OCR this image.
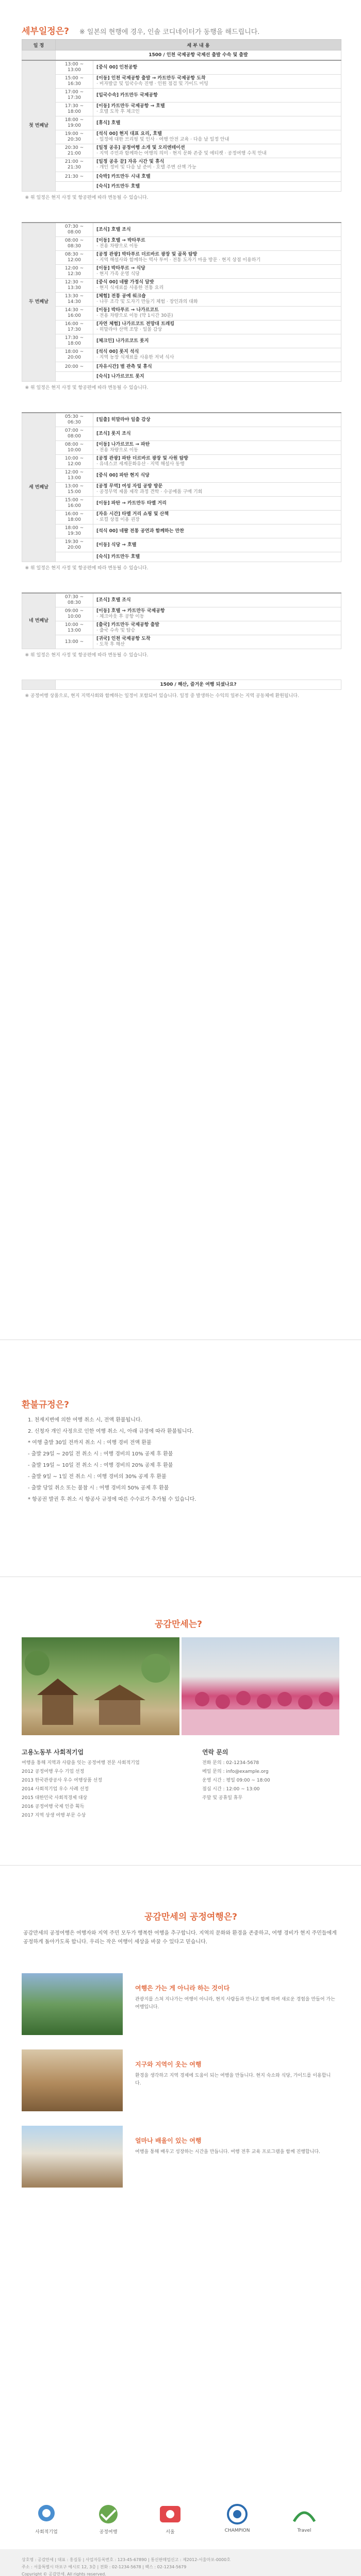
세부일정은? ※ 일본의 현행에 경우, 인솔 코디네이터가 동행을 해드립니다.
일 정	세 부 내 용	
	1500 / 인천 국제공항 국제선 출발 수속 및 출발	
첫 번째날	13:00 ~ 13:00	[중식 00] 인천공항

	15:00 ~ 16:30	[이동] 인천 국제공항 출발 → 카트만두 국제공항 도착
· 비자발급 및 입국수속 진행 · 인원 점검 및 가이드 미팅

	17:00 ~ 17:30	[입국수속] 카트만두 국제공항

	17:30 ~ 18:00	[이동] 카트만두 국제공항 → 호텔
· 호텔 도착 후 체크인

	18:00 ~ 19:00	[휴식] 호텔

	19:00 ~ 20:30	[석식 00] 현지 대표 요리, 호텔
· 일정에 대한 브리핑 및 인사 · 여행 안전 교육 · 다음 날 일정 안내

	20:30 ~ 21:00	[일정 공유] 공정여행 소개 및 오리엔테이션
· 지역 주민과 함께하는 여행의 의미 · 현지 문화 존중 및 에티켓 · 공정여행 수칙 안내

	21:00 ~ 21:30	[일정 공유 끝] 자유 시간 및 휴식
· 개인 정비 및 다음 날 준비 · 호텔 주변 산책 가능

	21:30 ~	[숙박] 카트만두 시내 호텔

		[숙식] 카트만두 호텔

※ 위 일정은 현지 사정 및 항공편에 따라 변동될 수 있습니다.		

두 번째날	07:30 ~ 08:00	[조식] 호텔 조식

	08:00 ~ 08:30	[이동] 호텔 → 박타푸르
· 전용 차량으로 이동

	08:30 ~ 12:00	[공정 관광] 박타푸르 더르바르 광장 및 골목 탐방
· 지역 해설사와 함께하는 역사 투어 · 전통 도자기 마을 방문 · 현지 상점 이용하기

	12:00 ~ 12:30	[이동] 박타푸르 → 식당
· 현지 가족 운영 식당

	12:30 ~ 13:30	[중식 00] 네팔 가정식 달밧
· 현지 식재료를 사용한 전통 요리

	13:30 ~ 14:30	[체험] 전통 공예 워크숍
· 나무 조각 및 도자기 만들기 체험 · 장인과의 대화

	14:30 ~ 16:00	[이동] 박타푸르 → 나가르코트
· 전용 차량으로 이동 (약 1시간 30분)

	16:00 ~ 17:30	[자연 체험] 나가르코트 전망대 트레킹
· 히말라야 산맥 조망 · 일몰 감상

	17:30 ~ 18:00	[체크인] 나가르코트 롯지

	18:00 ~ 20:00	[석식 00] 롯지 석식
· 지역 농장 식재료를 사용한 저녁 식사

	20:00 ~	[자유시간] 별 관측 및 휴식

		[숙식] 나가르코트 롯지

※ 위 일정은 현지 사정 및 항공편에 따라 변동될 수 있습니다.		

세 번째날	05:30 ~ 06:30	[일출] 히말라야 일출 감상

	07:00 ~ 08:00	[조식] 롯지 조식

	08:00 ~ 10:00	[이동] 나가르코트 → 파탄
· 전용 차량으로 이동

	10:00 ~ 12:00	[공정 관광] 파탄 더르바르 광장 및 사원 탐방
· 유네스코 세계문화유산 · 지역 해설사 동행

	12:00 ~ 13:00	[중식 00] 파탄 현지 식당

	13:00 ~ 15:00	[공정 무역] 여성 자립 공방 방문
· 공정무역 제품 제작 과정 견학 · 수공예품 구매 기회

	15:00 ~ 16:00	[이동] 파탄 → 카트만두 타멜 거리

	16:00 ~ 18:00	[자유 시간] 타멜 거리 쇼핑 및 산책
· 로컬 상점 이용 권장

	18:00 ~ 19:30	[석식 00] 네팔 전통 공연과 함께하는 만찬

	19:30 ~ 20:00	[이동] 식당 → 호텔

		[숙식] 카트만두 호텔

※ 위 일정은 현지 사정 및 항공편에 따라 변동될 수 있습니다.		

네 번째날	07:30 ~ 08:30	[조식] 호텔 조식

	09:00 ~ 10:00	[이동] 호텔 → 카트만두 국제공항
· 체크아웃 후 공항 이동

	10:00 ~ 13:00	[출국] 카트만두 국제공항 출발
· 출국 수속 및 탑승

	13:00 ~	[귀국] 인천 국제공항 도착
· 도착 후 해산

※ 위 일정은 현지 사정 및 항공편에 따라 변동될 수 있습니다.		

	1500 / 해산, 즐거운 여행 되셨나요?	
※ 공정여행 상품으로, 현지 지역사회와 함께하는 일정이 포함되어 있습니다. 일정 중 발생하는 수익의 일부는 지역 공동체에 환원됩니다.		
환불규정은?
1. 천재지변에 의한 여행 취소 시, 전액 환불됩니다.
2. 신청자 개인 사정으로 인한 여행 취소 시, 아래 규정에 따라 환불됩니다.
* 여행 출발 30일 전까지 취소 시 : 여행 경비 전액 환불
- 출발 29일 ~ 20일 전 취소 시 : 여행 경비의 10% 공제 후 환불
- 출발 19일 ~ 10일 전 취소 시 : 여행 경비의 20% 공제 후 환불
- 출발 9일 ~ 1일 전 취소 시 : 여행 경비의 30% 공제 후 환불
- 출발 당일 취소 또는 불참 시 : 여행 경비의 50% 공제 후 환불
* 항공권 발권 후 취소 시 항공사 규정에 따른 수수료가 추가될 수 있습니다.
공감만세는?
고용노동부 사회적기업
여행을 통해 지역과 사람을 잇는 공정여행 전문 사회적기업
2012 공정여행 우수 기업 선정
2013 한국관광공사 우수 여행상품 선정
2014 사회적기업 우수 사례 선정
2015 대한민국 사회적경제 대상
2016 공정여행 국제 인증 획득
2017 지역 상생 여행 부문 수상
연락 문의
전화 문의 : 02-1234-5678
메일 문의 : info@example.org
운영 시간 : 평일 09:00 ~ 18:00
점심 시간 : 12:00 ~ 13:00
주말 및 공휴일 휴무
공감만세의 공정여행은?
공감만세의 공정여행은 여행자와 지역 주민 모두가 행복한 여행을 추구합니다. 지역의 문화와 환경을 존중하고, 여행 경비가 현지 주민들에게 공정하게 돌아가도록 합니다. 우리는 작은 여행이 세상을 바꿀 수 있다고 믿습니다.
여행은 가는 게 아니라 하는 것이다
관광지를 스쳐 지나가는 여행이 아니라, 현지 사람들과 만나고 함께 하며 새로운 경험을 만들어 가는 여행입니다.
지구와 지역이 웃는 여행
환경을 생각하고 지역 경제에 도움이 되는 여행을 만듭니다. 현지 숙소와 식당, 가이드를 이용합니다.
얼마나 배울이 있는 여행
여행을 통해 배우고 성장하는 시간을 만듭니다. 여행 전후 교육 프로그램을 함께 진행합니다.
사회적기업	공정여행	서울	CHAMPION	Travel
상호명 : 공감만세 | 대표 : 홍길동 | 사업자등록번호 : 123-45-67890 | 통신판매업신고 : 제2012-서울마포-0000호
주소 : 서울특별시 마포구 예시로 12, 3층 | 전화 : 02-1234-5678 | 팩스 : 02-1234-5679
Copyright © 공감만세. All rights reserved.
